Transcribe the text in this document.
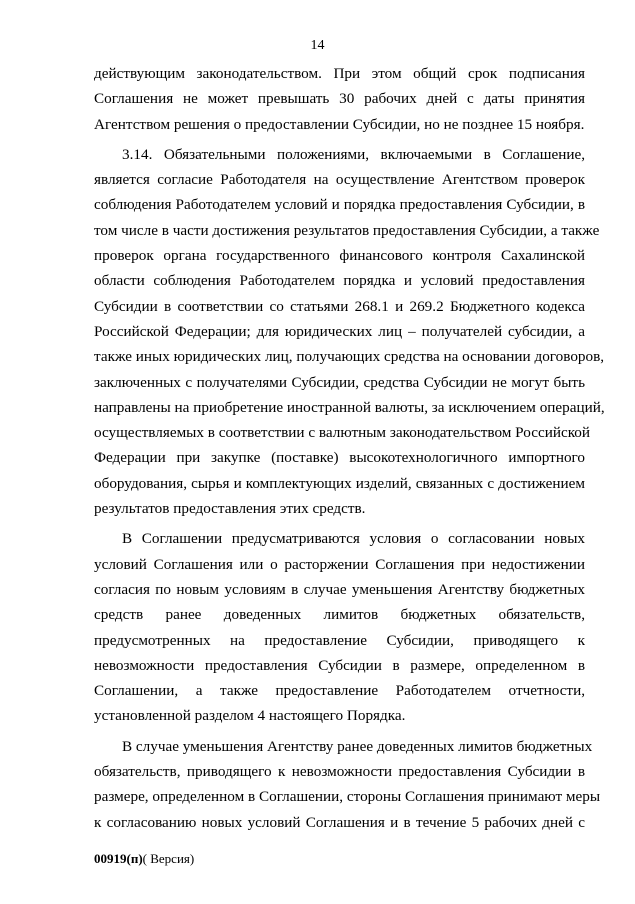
14
действующим законодательством. При этом общий срок подписания
Соглашения не может превышать 30 рабочих дней с даты принятия
Агентством решения о предоставлении Субсидии, но не позднее 15 ноября.
3.14. Обязательными положениями, включаемыми в Соглашение,
является согласие Работодателя на осуществление Агентством проверок
соблюдения Работодателем условий и порядка предоставления Субсидии, в
том числе в части достижения результатов предоставления Субсидии, а также
проверок органа государственного финансового контроля Сахалинской
области соблюдения Работодателем порядка и условий предоставления
Субсидии в соответствии со статьями 268.1 и 269.2 Бюджетного кодекса
Российской Федерации; для юридических лиц – получателей субсидии, а
также иных юридических лиц, получающих средства на основании договоров,
заключенных с получателями Субсидии, средства Субсидии не могут быть
направлены на приобретение иностранной валюты, за исключением операций,
осуществляемых в соответствии с валютным законодательством Российской
Федерации при закупке (поставке) высокотехнологичного импортного
оборудования, сырья и комплектующих изделий, связанных с достижением
результатов предоставления этих средств.
В Соглашении предусматриваются условия о согласовании новых
условий Соглашения или о расторжении Соглашения при недостижении
согласия по новым условиям в случае уменьшения Агентству бюджетных
средств ранее доведенных лимитов бюджетных обязательств,
предусмотренных на предоставление Субсидии, приводящего к
невозможности предоставления Субсидии в размере, определенном в
Соглашении, а также предоставление Работодателем отчетности,
установленной разделом 4 настоящего Порядка.
В случае уменьшения Агентству ранее доведенных лимитов бюджетных
обязательств, приводящего к невозможности предоставления Субсидии в
размере, определенном в Соглашении, стороны Соглашения принимают меры
к согласованию новых условий Соглашения и в течение 5 рабочих дней с
00919(п)( Версия)
